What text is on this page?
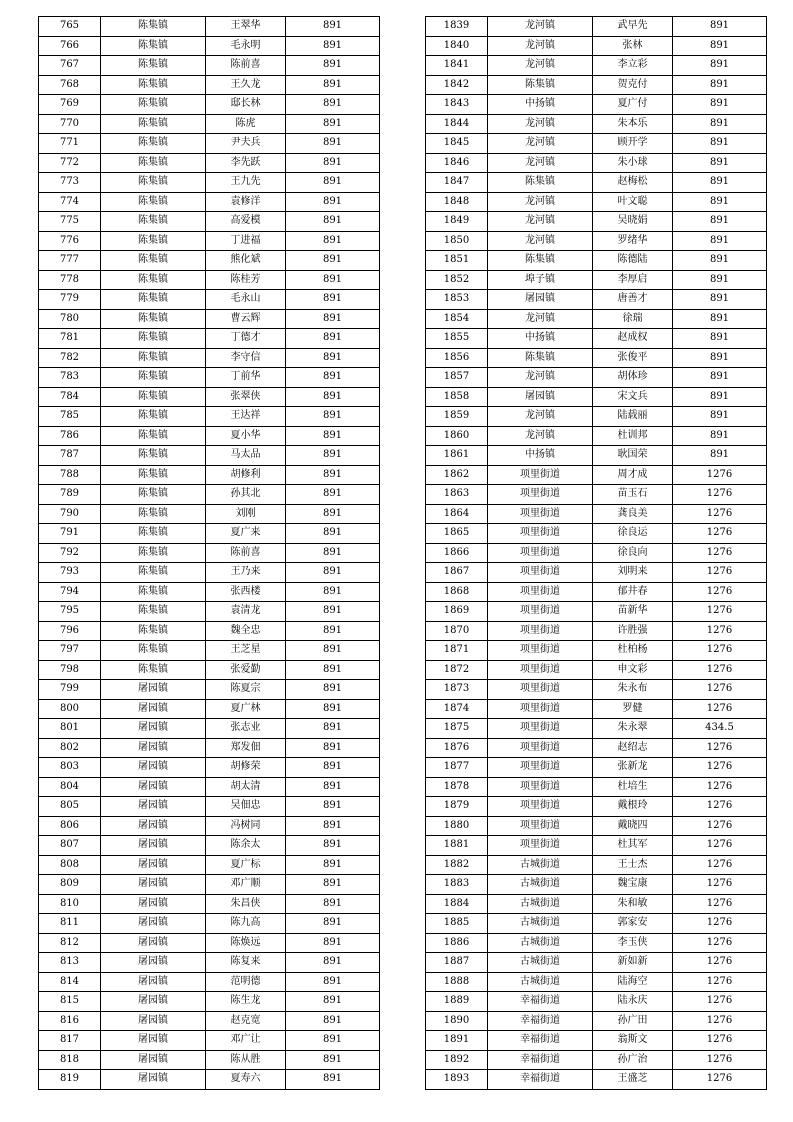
765	陈集镇	王翠华	891
766	陈集镇	毛永明	891
767	陈集镇	陈前喜	891
768	陈集镇	王久龙	891
769	陈集镇	邸长林	891
770	陈集镇	陈虎	891
771	陈集镇	尹夫兵	891
772	陈集镇	李先跃	891
773	陈集镇	王九先	891
774	陈集镇	袁修洋	891
775	陈集镇	高爱模	891
776	陈集镇	丁进福	891
777	陈集镇	熊化斌	891
778	陈集镇	陈桂芳	891
779	陈集镇	毛永山	891
780	陈集镇	曹云辉	891
781	陈集镇	丁德才	891
782	陈集镇	李守信	891
783	陈集镇	丁前华	891
784	陈集镇	张翠侠	891
785	陈集镇	王达祥	891
786	陈集镇	夏小华	891
787	陈集镇	马太品	891
788	陈集镇	胡修利	891
789	陈集镇	孙其北	891
790	陈集镇	刘刚	891
791	陈集镇	夏广来	891
792	陈集镇	陈前喜	891
793	陈集镇	王乃来	891
794	陈集镇	张西楼	891
795	陈集镇	袁清龙	891
796	陈集镇	魏全忠	891
797	陈集镇	王芝星	891
798	陈集镇	张爱勤	891
799	屠园镇	陈夏宗	891
800	屠园镇	夏广林	891
801	屠园镇	张志业	891
802	屠园镇	郑发佃	891
803	屠园镇	胡修荣	891
804	屠园镇	胡太清	891
805	屠园镇	吴佃忠	891
806	屠园镇	冯树同	891
807	屠园镇	陈余太	891
808	屠园镇	夏广标	891
809	屠园镇	邓广顺	891
810	屠园镇	朱昌侠	891
811	屠园镇	陈九高	891
812	屠园镇	陈焕远	891
813	屠园镇	陈复来	891
814	屠园镇	范明德	891
815	屠园镇	陈生龙	891
816	屠园镇	赵克宽	891
817	屠园镇	邓广让	891
818	屠园镇	陈从胜	891
819	屠园镇	夏寿六	891
1839	龙河镇	武早先	891
1840	龙河镇	张林	891
1841	龙河镇	李立彩	891
1842	陈集镇	贺克付	891
1843	中扬镇	夏广付	891
1844	龙河镇	朱本乐	891
1845	龙河镇	顾开学	891
1846	龙河镇	朱小球	891
1847	陈集镇	赵梅松	891
1848	龙河镇	叶文聪	891
1849	龙河镇	吴晓娟	891
1850	龙河镇	罗绪华	891
1851	陈集镇	陈德陆	891
1852	埠子镇	李厚启	891
1853	屠园镇	唐善才	891
1854	龙河镇	徐瑞	891
1855	中扬镇	赵成权	891
1856	陈集镇	张俊平	891
1857	龙河镇	胡体珍	891
1858	屠园镇	宋文兵	891
1859	龙河镇	陆载丽	891
1860	龙河镇	杜训邦	891
1861	中扬镇	耿国荣	891
1862	项里街道	周才成	1276
1863	项里街道	苗玉石	1276
1864	项里街道	龚良美	1276
1865	项里街道	徐良运	1276
1866	项里街道	徐良向	1276
1867	项里街道	刘明来	1276
1868	项里街道	郁井春	1276
1869	项里街道	苗新华	1276
1870	项里街道	许胜强	1276
1871	项里街道	杜柏杨	1276
1872	项里街道	申文彩	1276
1873	项里街道	朱永布	1276
1874	项里街道	罗健	1276
1875	项里街道	朱永翠	434.5
1876	项里街道	赵绍志	1276
1877	项里街道	张新龙	1276
1878	项里街道	杜培生	1276
1879	项里街道	戴根玲	1276
1880	项里街道	戴晓四	1276
1881	项里街道	杜其军	1276
1882	古城街道	王士杰	1276
1883	古城街道	魏宝康	1276
1884	古城街道	朱和敏	1276
1885	古城街道	郭家安	1276
1886	古城街道	李玉侠	1276
1887	古城街道	新如新	1276
1888	古城街道	陆海空	1276
1889	幸福街道	陆永庆	1276
1890	幸福街道	孙广田	1276
1891	幸福街道	翁斯文	1276
1892	幸福街道	孙广治	1276
1893	幸福街道	王盛芝	1276
